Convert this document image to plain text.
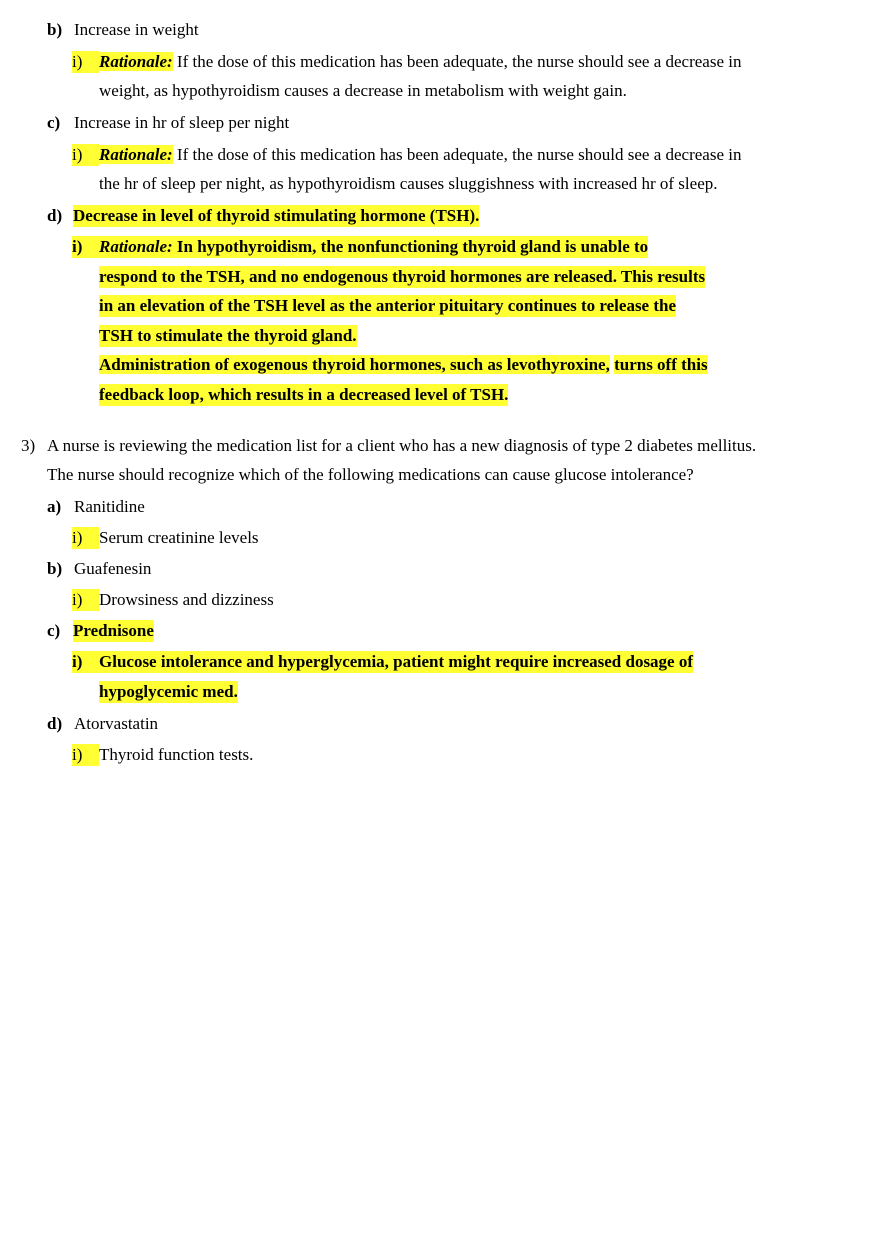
b) Increase in weight
i) Rationale: If the dose of this medication has been adequate, the nurse should see a decrease in
weight, as hypothyroidism causes a decrease in metabolism with weight gain.
c) Increase in hr of sleep per night
i) Rationale: If the dose of this medication has been adequate, the nurse should see a decrease in
the hr of sleep per night, as hypothyroidism causes sluggishness with increased hr of sleep.
d) Decrease in level of thyroid stimulating hormone (TSH).
i) Rationale: In hypothyroidism, the nonfunctioning thyroid gland is unable to
respond to the TSH, and no endogenous thyroid hormones are released. This results
in an elevation of the TSH level as the anterior pituitary continues to release the
TSH to stimulate the thyroid gland.
Administration of exogenous thyroid hormones, such as levothyroxine, turns off this
feedback loop, which results in a decreased level of TSH.
3) A nurse is reviewing the medication list for a client who has a new diagnosis of type 2 diabetes mellitus.
The nurse should recognize which of the following medications can cause glucose intolerance?
a) Ranitidine
i) Serum creatinine levels
b) Guafenesin
i) Drowsiness and dizziness
c) Prednisone
i) Glucose intolerance and hyperglycemia, patient might require increased dosage of
hypoglycemic med.
d) Atorvastatin
i) Thyroid function tests.
